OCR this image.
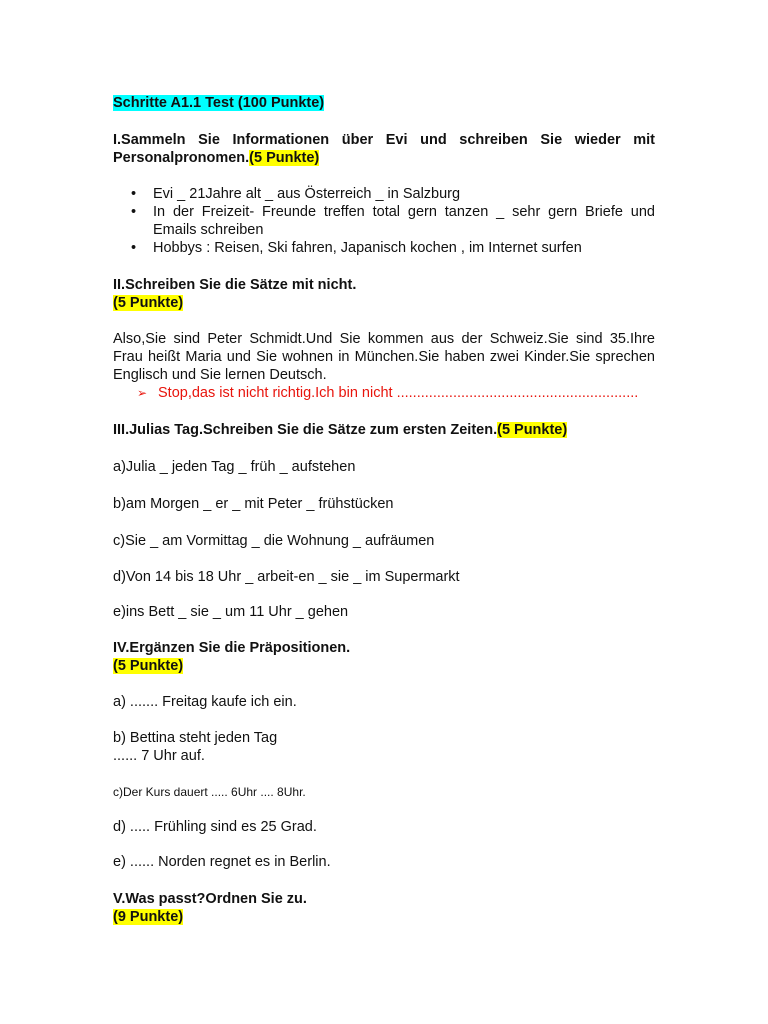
Schritte A1.1 Test (100 Punkte)

I.Sammeln Sie Informationen über Evi und schreiben Sie wieder mit Personalpronomen.(5 Punkte)

• Evi _ 21Jahre alt _ aus Österreich _ in Salzburg
• In der Freizeit- Freunde treffen total gern tanzen _ sehr gern Briefe und Emails schreiben
• Hobbys : Reisen, Ski fahren, Japanisch kochen , im Internet surfen

II.Schreiben Sie die Sätze mit nicht.

(5 Punkte)

Also,Sie sind Peter Schmidt.Und Sie kommen aus der Schweiz.Sie sind 35.Ihre Frau heißt Maria und Sie wohnen in München.Sie haben zwei Kinder.Sie sprechen Englisch und Sie lernen Deutsch.

➢ Stop,das ist nicht richtig.Ich bin nicht ............................................................

III.Julias Tag.Schreiben Sie die Sätze zum ersten Zeiten.(5 Punkte)

a)Julia _ jeden Tag _ früh _ aufstehen

b)am Morgen _ er _ mit Peter _ frühstücken

c)Sie _ am Vormittag _ die Wohnung _ aufräumen

d)Von 14 bis 18 Uhr _ arbeit-en _ sie _ im Supermarkt

e)ins Bett _ sie _ um 11 Uhr _ gehen

IV.Ergänzen Sie die Präpositionen.

(5 Punkte)

a) ....... Freitag kaufe ich ein.

b) Bettina steht jeden Tag

...... 7 Uhr auf.

c)Der Kurs dauert ..... 6Uhr .... 8Uhr.

d) ..... Frühling sind es 25 Grad.

e) ...... Norden regnet es in Berlin.

V.Was passt?Ordnen Sie zu.

(9 Punkte)
